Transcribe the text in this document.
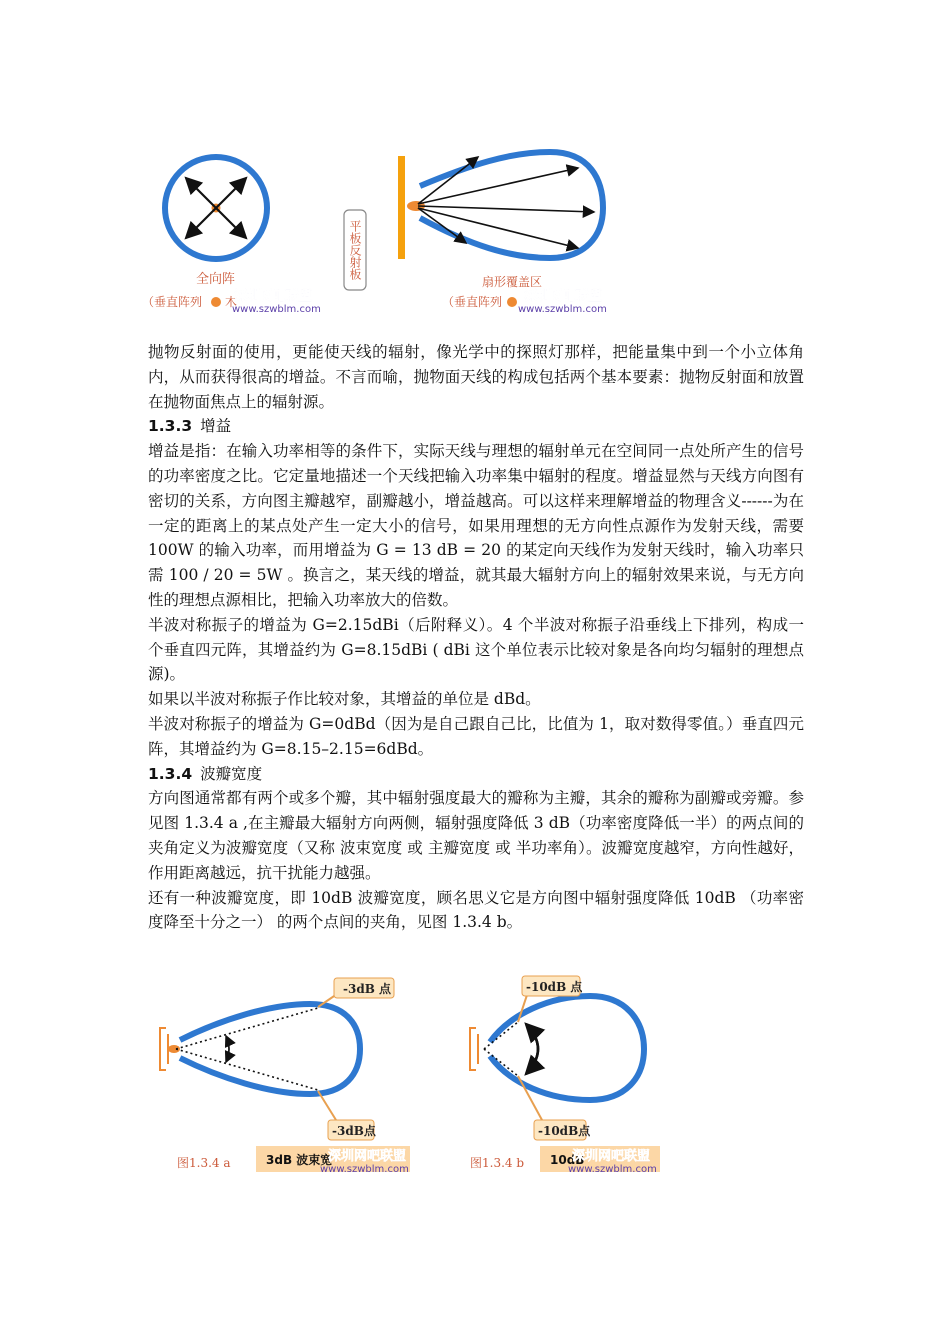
全向阵
（垂直阵列 木
深圳网吧联盟
www.szwblm.com
平板反射板
扇形覆盖区
（垂直阵列 深圳网吧联盟
www.szwblm.com

抛物反射面的使用，更能使天线的辐射，像光学中的探照灯那样，把能量集中到一个小立体角内，从而获得很高的增益。不言而喻，抛物面天线的构成包括两个基本要素：抛物反射面和放置在抛物面焦点上的辐射源。

1.3.3 增益

增益是指：在输入功率相等的条件下，实际天线与理想的辐射单元在空间同一点处所产生的信号的功率密度之比。它定量地描述一个天线把输入功率集中辐射的程度。增益显然与天线方向图有密切的关系，方向图主瓣越窄，副瓣越小，增益越高。可以这样来理解增益的物理含义------为在一定的距离上的某点处产生一定大小的信号，如果用理想的无方向性点源作为发射天线，需要 100W 的输入功率，而用增益为 G = 13 dB = 20 的某定向天线作为发射天线时，输入功率只需 100 / 20 = 5W 。换言之，某天线的增益，就其最大辐射方向上的辐射效果来说，与无方向性的理想点源相比，把输入功率放大的倍数。

半波对称振子的增益为 G=2.15dBi（后附释义）。4 个半波对称振子沿垂线上下排列，构成一个垂直四元阵，其增益约为 G=8.15dBi ( dBi 这个单位表示比较对象是各向均匀辐射的理想点源)。

如果以半波对称振子作比较对象，其增益的单位是 dBd。

半波对称振子的增益为 G=0dBd（因为是自己跟自己比，比值为 1，取对数得零值。）垂直四元阵，其增益约为 G=8.15–2.15=6dBd。

1.3.4 波瓣宽度

方向图通常都有两个或多个瓣，其中辐射强度最大的瓣称为主瓣，其余的瓣称为副瓣或旁瓣。参见图 1.3.4 a ,在主瓣最大辐射方向两侧，辐射强度降低 3 dB（功率密度降低一半）的两点间的夹角定义为波瓣宽度（又称 波束宽度 或 主瓣宽度 或 半功率角）。波瓣宽度越窄，方向性越好，作用距离越远，抗干扰能力越强。

还有一种波瓣宽度，即 10dB 波瓣宽度，顾名思义它是方向图中辐射强度降低 10dB （功率密度降至十分之一） 的两个点间的夹角，见图 1.3.4 b。

-3dB 点
-3dB点
图1.3.4 a	3dB 波束宽
深圳网吧联盟
www.szwblm.com
-10dB 点
-10dB点
图1.3.4 b 10dB
深圳网吧联盟
www.szwblm.com
